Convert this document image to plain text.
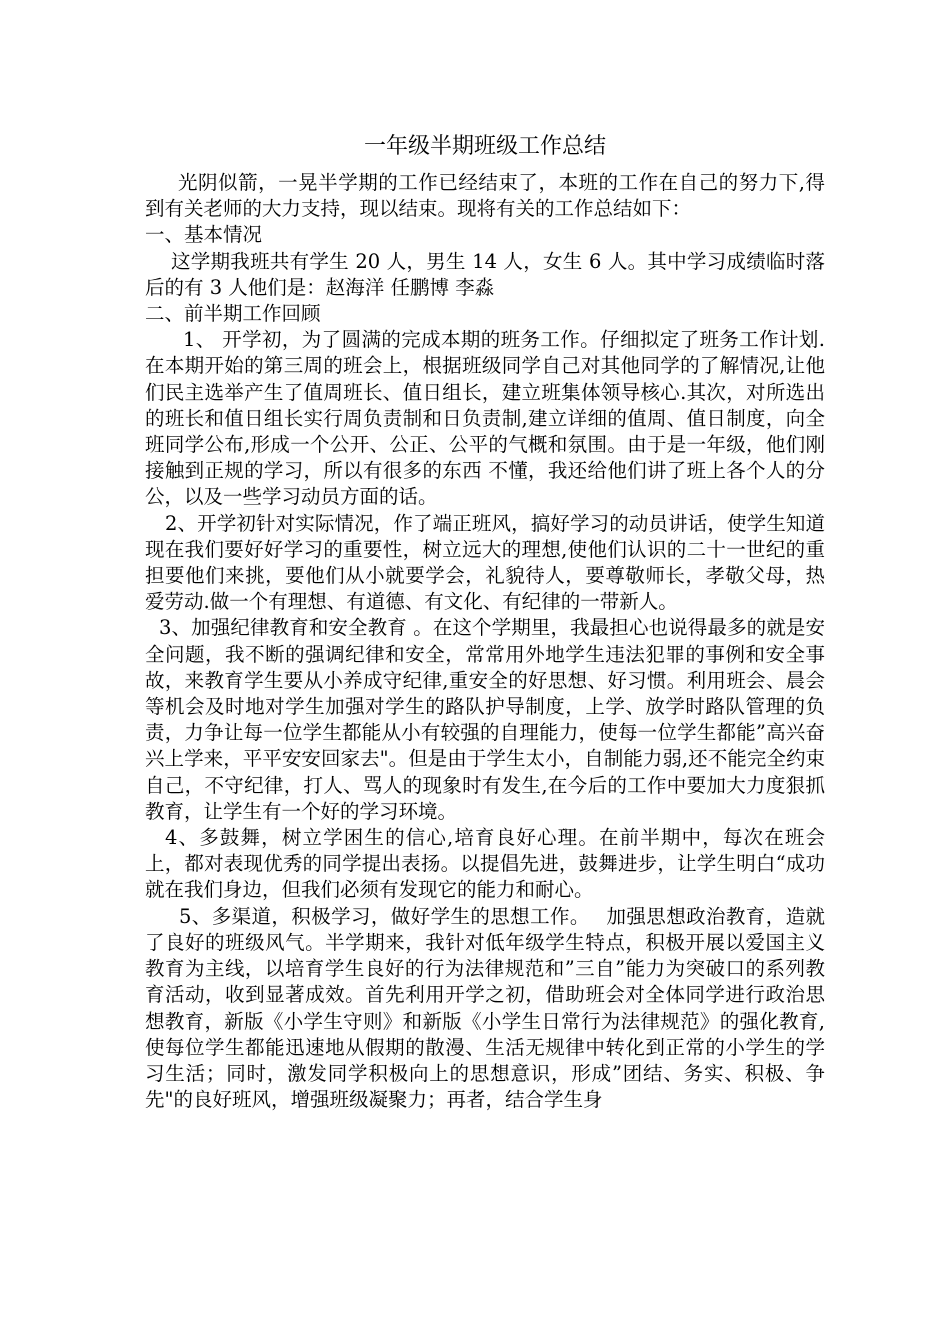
一年级半期班级工作总结

光阴似箭，一晃半学期的工作已经结束了，本班的工作在自己的努力下,得到有关老师的大力支持，现以结束。现将有关的工作总结如下：

一、基本情况

这学期我班共有学生 20 人，男生 14 人，女生 6 人。其中学习成绩临时落后的有 3 人他们是：赵海洋 任鹏博 李淼

二、前半期工作回顾

1、 开学初，为了圆满的完成本期的班务工作。仔细拟定了班务工作计划. 在本期开始的第三周的班会上，根据班级同学自己对其他同学的了解情况,让他们民主选举产生了值周班长、值日组长，建立班集体领导核心.其次，对所选出的班长和值日组长实行周负责制和日负责制,建立详细的值周、值日制度，向全班同学公布,形成一个公开、公正、公平的气概和氛围。由于是一年级，他们刚接触到正规的学习，所以有很多的东西 不懂，我还给他们讲了班上各个人的分公，以及一些学习动员方面的话。

2、开学初针对实际情况，作了端正班风，搞好学习的动员讲话，使学生知道现在我们要好好学习的重要性，树立远大的理想,使他们认识的二十一世纪的重担要他们来挑，要他们从小就要学会，礼貌待人，要尊敬师长，孝敬父母，热爱劳动.做一个有理想、有道德、有文化、有纪律的一带新人。

3、加强纪律教育和安全教育 。在这个学期里，我最担心也说得最多的就是安全问题，我不断的强调纪律和安全，常常用外地学生违法犯罪的事例和安全事故，来教育学生要从小养成守纪律,重安全的好思想、好习惯。利用班会、晨会等机会及时地对学生加强对学生的路队护导制度，上学、放学时路队管理的负责，力争让每一位学生都能从小有较强的自理能力，使每一位学生都能”高兴奋兴上学来，平平安安回家去"。但是由于学生太小，自制能力弱,还不能完全约束自己，不守纪律，打人、骂人的现象时有发生,在今后的工作中要加大力度狠抓教育，让学生有一个好的学习环境。

4、多鼓舞，树立学困生的信心,培育良好心理。在前半期中，每次在班会上，都对表现优秀的同学提出表扬。以提倡先进，鼓舞进步，让学生明白“成功就在我们身边，但我们必须有发现它的能力和耐心。

5、多渠道，积极学习，做好学生的思想工作。　 加强思想政治教育，造就了良好的班级风气。半学期来，我针对低年级学生特点，积极开展以爱国主义教育为主线，以培育学生良好的行为法律规范和”三自”能力为突破口的系列教育活动，收到显著成效。首先利用开学之初，借助班会对全体同学进行政治思想教育，新版《小学生守则》和新版《小学生日常行为法律规范》的强化教育,使每位学生都能迅速地从假期的散漫、生活无规律中转化到正常的小学生的学习生活；同时，激发同学积极向上的思想意识，形成”团结、务实、积极、争先"的良好班风，增强班级凝聚力；再者，结合学生身
